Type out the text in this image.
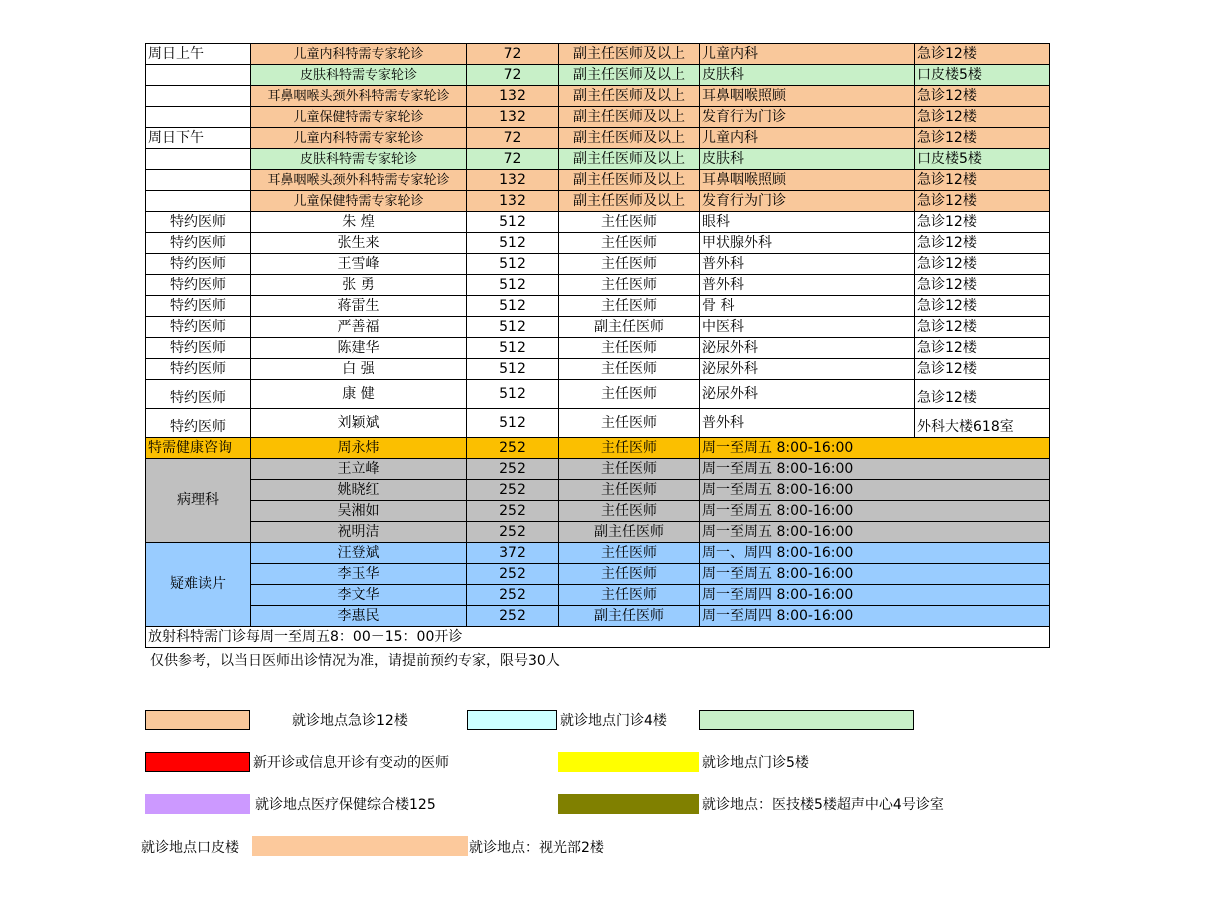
周日上午	儿童内科特需专家轮诊	72	副主任医师及以上	儿童内科	急诊12楼
	皮肤科特需专家轮诊	72	副主任医师及以上	皮肤科	口皮楼5楼
	耳鼻咽喉头颈外科特需专家轮诊	132	副主任医师及以上	耳鼻咽喉照顾	急诊12楼
	儿童保健特需专家轮诊	132	副主任医师及以上	发育行为门诊	急诊12楼
周日下午	儿童内科特需专家轮诊	72	副主任医师及以上	儿童内科	急诊12楼
	皮肤科特需专家轮诊	72	副主任医师及以上	皮肤科	口皮楼5楼
	耳鼻咽喉头颈外科特需专家轮诊	132	副主任医师及以上	耳鼻咽喉照顾	急诊12楼
	儿童保健特需专家轮诊	132	副主任医师及以上	发育行为门诊	急诊12楼
特约医师	朱 煌	512	主任医师	眼科	急诊12楼
特约医师	张生来	512	主任医师	甲状腺外科	急诊12楼
特约医师	王雪峰	512	主任医师	普外科	急诊12楼
特约医师	张 勇	512	主任医师	普外科	急诊12楼
特约医师	蒋雷生	512	主任医师	骨 科	急诊12楼
特约医师	严善福	512	副主任医师	中医科	急诊12楼
特约医师	陈建华	512	主任医师	泌尿外科	急诊12楼
特约医师	白 强	512	主任医师	泌尿外科	急诊12楼
特约医师	康 健	512	主任医师	泌尿外科	急诊12楼
特约医师	刘颖斌	512	主任医师	普外科	外科大楼618室
特需健康咨询	周永炜	252	主任医师	周一至周五 8:00-16:00	
病理科	王立峰	252	主任医师	周一至周五 8:00-16:00	
	姚晓红	252	主任医师	周一至周五 8:00-16:00	
	吴湘如	252	主任医师	周一至周五 8:00-16:00	
	祝明洁	252	副主任医师	周一至周五 8:00-16:00	
疑难读片	汪登斌	372	主任医师	周一、周四 8:00-16:00	
	李玉华	252	主任医师	周一至周五 8:00-16:00	
	李文华	252	主任医师	周一至周四 8:00-16:00	
	李惠民	252	副主任医师	周一至周四 8:00-16:00	
放射科特需门诊每周一至周五8：00－15：00开诊					
仅供参考，以当日医师出诊情况为准，请提前预约专家，限号30人
就诊地点急诊12楼	就诊地点门诊4楼
新开诊或信息开诊有变动的医师	就诊地点门诊5楼
就诊地点医疗保健综合楼125	就诊地点：医技楼5楼超声中心4号诊室
就诊地点口皮楼	就诊地点：视光部2楼
